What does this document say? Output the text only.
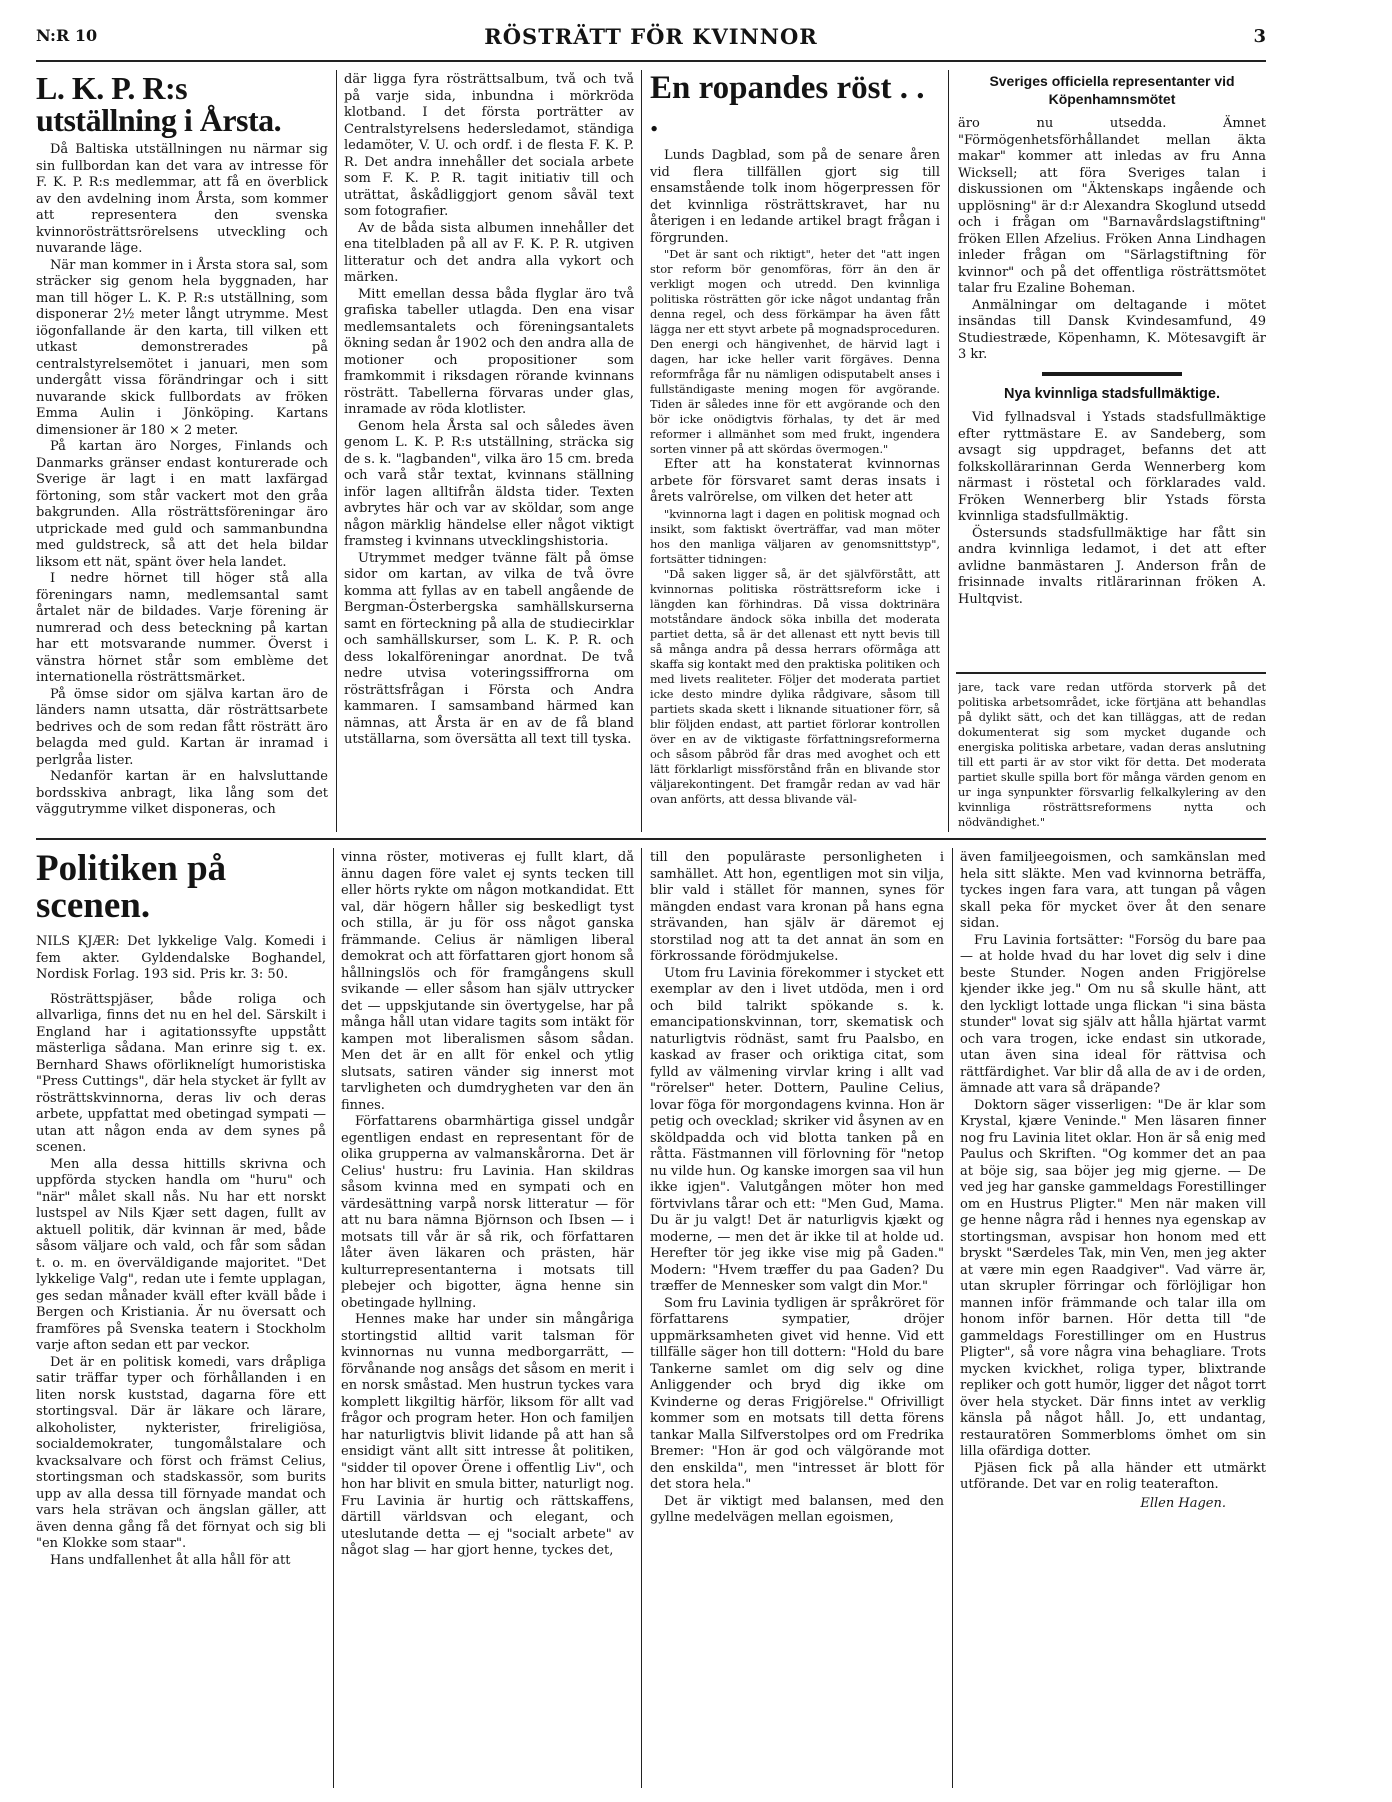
N:R 10	RÖSTRÄTT FÖR KVINNOR	3
L. K. P. R:s utställning i Årsta.

Då Baltiska utställningen nu närmar sig sin fullbordan kan det vara av intresse för F. K. P. R:s medlemmar, att få en överblick av den avdelning inom Årsta, som kommer att representera den svenska kvinnorösträttsrörelsens utveckling och nuvarande läge.

När man kommer in i Årsta stora sal, som sträcker sig genom hela byggnaden, har man till höger L. K. P. R:s utställning, som disponerar 2½ meter långt utrymme. Mest iögonfallande är den karta, till vilken ett utkast demonstrerades på centralstyrelsemötet i januari, men som undergått vissa förändringar och i sitt nuvarande skick fullbordats av fröken Emma Aulin i Jönköping. Kartans dimensioner är 180 × 2 meter.

På kartan äro Norges, Finlands och Danmarks gränser endast konturerade och Sverige är lagt i en matt laxfärgad förtoning, som står vackert mot den gråa bakgrunden. Alla rösträttsföreningar äro utprickade med guld och sammanbundna med guldstreck, så att det hela bildar liksom ett nät, spänt över hela landet.

I nedre hörnet till höger stå alla föreningars namn, medlemsantal samt årtalet när de bildades. Varje förening är numrerad och dess beteckning på kartan har ett motsvarande nummer. Överst i vänstra hörnet står som emblème det internationella rösträttsmärket.

På ömse sidor om själva kartan äro de länders namn utsatta, där rösträttsarbete bedrives och de som redan fått rösträtt äro belagda med guld. Kartan är inramad i perlgråa lister.

Nedanför kartan är en halvsluttande bordsskiva anbragt, lika lång som det väggutrymme vilket disponeras, och

där ligga fyra rösträttsalbum, två och två på varje sida, inbundna i mörkröda klotband. I det första porträtter av Centralstyrelsens hedersledamot, ständiga ledamöter, V. U. och ordf. i de flesta F. K. P. R. Det andra innehåller det sociala arbete som F. K. P. R. tagit initiativ till och uträttat, åskådliggjort genom såväl text som fotografier.

Av de båda sista albumen innehåller det ena titelbladen på all av F. K. P. R. utgiven litteratur och det andra alla vykort och märken.

Mitt emellan dessa båda flyglar äro två grafiska tabeller utlagda. Den ena visar medlemsantalets och föreningsantalets ökning sedan år 1902 och den andra alla de motioner och propositioner som framkommit i riksdagen rörande kvinnans rösträtt. Tabellerna förvaras under glas, inramade av röda klotlister.

Genom hela Årsta sal och således även genom L. K. P. R:s utställning, sträcka sig de s. k. "lagbanden", vilka äro 15 cm. breda och varå står textat, kvinnans ställning inför lagen alltifrån äldsta tider. Texten avbrytes här och var av sköldar, som ange någon märklig händelse eller något viktigt framsteg i kvinnans utvecklingshistoria.

Utrymmet medger tvänne fält på ömse sidor om kartan, av vilka de två övre komma att fyllas av en tabell angående de Bergman-Österbergska samhällskurserna samt en förteckning på alla de studiecirklar och samhällskurser, som L. K. P. R. och dess lokalföreningar anordnat. De två nedre utvisa voteringssiffrorna om rösträttsfrågan i Första och Andra kammaren. I samsamband härmed kan nämnas, att Årsta är en av de få bland utställarna, som översätta all text till tyska.

En ropandes röst . . .

Lunds Dagblad, som på de senare åren vid flera tillfällen gjort sig till ensamstående tolk inom högerpressen för det kvinnliga rösträttskravet, har nu återigen i en ledande artikel bragt frågan i förgrunden.

"Det är sant och riktigt", heter det "att ingen stor reform bör genomföras, förr än den är verkligt mogen och utredd. Den kvinnliga politiska rösträtten gör icke något undantag från denna regel, och dess förkämpar ha även fått lägga ner ett styvt arbete på mognadsproceduren. Den energi och hängivenhet, de härvid lagt i dagen, har icke heller varit förgäves. Denna reformfråga får nu nämligen odisputabelt anses i fullständigaste mening mogen för avgörande. Tiden är således inne för ett avgörande och den bör icke onödigtvis förhalas, ty det är med reformer i allmänhet som med frukt, ingendera sorten vinner på att skördas övermogen."

Efter att ha konstaterat kvinnornas arbete för försvaret samt deras insats i årets valrörelse, om vilken det heter att

"kvinnorna lagt i dagen en politisk mognad och insikt, som faktiskt överträffar, vad man möter hos den manliga väljaren av genomsnittstyp", fortsätter tidningen:

"Då saken ligger så, är det självförstått, att kvinnornas politiska rösträttsreform icke i längden kan förhindras. Då vissa doktrinära motståndare ändock söka inbilla det moderata partiet detta, så är det allenast ett nytt bevis till så många andra på dessa herrars oförmåga att skaffa sig kontakt med den praktiska politiken och med livets realiteter. Följer det moderata partiet icke desto mindre dylika rådgivare, såsom till partiets skada skett i liknande situationer förr, så blir följden endast, att partiet förlorar kontrollen över en av de viktigaste författningsreformerna och såsom påbröd får dras med avoghet och ett lätt förklarligt missförstånd från en blivande stor väljarekontingent. Det framgår redan av vad här ovan anförts, att dessa blivande väl-

Sveriges officiella representanter vid Köpenhamnsmötet

äro nu utsedda. Ämnet "Förmögenhetsförhållandet mellan äkta makar" kommer att inledas av fru Anna Wicksell; att föra Sveriges talan i diskussionen om "Äktenskaps ingående och upplösning" är d:r Alexandra Skoglund utsedd och i frågan om "Barnavårdslagstiftning" fröken Ellen Afzelius. Fröken Anna Lindhagen inleder frågan om "Särlagstiftning för kvinnor" och på det offentliga rösträttsmötet talar fru Ezaline Boheman.

Anmälningar om deltagande i mötet insändas till Dansk Kvindesamfund, 49 Studiestræde, Köpenhamn, K. Mötesavgift är 3 kr.

Nya kvinnliga stadsfullmäktige.

Vid fyllnadsval i Ystads stadsfullmäktige efter ryttmästare E. av Sandeberg, som avsagt sig uppdraget, befanns det att folkskollärarinnan Gerda Wennerberg kom närmast i röstetal och förklarades vald. Fröken Wennerberg blir Ystads första kvinnliga stadsfullmäktig.

Östersunds stadsfullmäktige har fått sin andra kvinnliga ledamot, i det att efter avlidne banmästaren J. Anderson från de frisinnade invalts ritlärarinnan fröken A. Hultqvist.

jare, tack vare redan utförda storverk på det politiska arbetsområdet, icke förtjäna att behandlas på dylikt sätt, och det kan tilläggas, att de redan dokumenterat sig som mycket dugande och energiska politiska arbetare, vadan deras anslutning till ett parti är av stor vikt för detta. Det moderata partiet skulle spilla bort för många värden genom en ur inga synpunkter försvarlig felkalkylering av den kvinnliga rösträttsreformens nytta och nödvändighet."

Politiken på scenen.

NILS KJÆR: Det lykkelige Valg. Komedi i fem akter. Gyldendalske Boghandel, Nordisk Forlag. 193 sid. Pris kr. 3: 50.

Rösträttspjäser, både roliga och allvarliga, finns det nu en hel del. Särskilt i England har i agitationssyfte uppstått mästerliga sådana. Man erinre sig t. ex. Bernhard Shaws oförliknelígt humoristiska "Press Cuttings", där hela stycket är fyllt av rösträttskvinnorna, deras liv och deras arbete, uppfattat med obetingad sympati — utan att någon enda av dem synes på scenen.

Men alla dessa hittills skrivna och uppförda stycken handla om "huru" och "när" målet skall nås. Nu har ett norskt lustspel av Nils Kjær sett dagen, fullt av aktuell politik, där kvinnan är med, både såsom väljare och vald, och får som sådan t. o. m. en överväldigande majoritet. "Det lykkelige Valg", redan ute i femte upplagan, ges sedan månader kväll efter kväll både i Bergen och Kristiania. Är nu översatt och framföres på Svenska teatern i Stockholm varje afton sedan ett par veckor.

Det är en politisk komedi, vars dråpliga satir träffar typer och förhållanden i en liten norsk kuststad, dagarna före ett stortingsval. Där är läkare och lärare, alkoholister, nykterister, frireligiösa, socialdemokrater, tungomålstalare och kvacksalvare och först och främst Celius, stortingsman och stadskassör, som burits upp av alla dessa till förnyade mandat och vars hela strävan och ängslan gäller, att även denna gång få det förnyat och sig bli "en Klokke som staar".

Hans undfallenhet åt alla håll för att

vinna röster, motiveras ej fullt klart, då ännu dagen före valet ej synts tecken till eller hörts rykte om någon motkandidat. Ett val, där högern håller sig beskedligt tyst och stilla, är ju för oss något ganska främmande. Celius är nämligen liberal demokrat och att författaren gjort honom så hållningslös och för framgångens skull svikande — eller såsom han själv uttrycker det — uppskjutande sin övertygelse, har på många håll utan vidare tagits som intäkt för kampen mot liberalismen såsom sådan. Men det är en allt för enkel och ytlig slutsats, satiren vänder sig innerst mot tarvligheten och dumdrygheten var den än finnes.

Författarens obarmhärtiga gissel undgår egentligen endast en representant för de olika grupperna av valmanskårorna. Det är Celius' hustru: fru Lavinia. Han skildras såsom kvinna med en sympati och en värdesättning varpå norsk litteratur — för att nu bara nämna Björnson och Ibsen — i motsats till vår är så rik, och författaren låter även läkaren och prästen, här kulturrepresentanterna i motsats till plebejer och bigotter, ägna henne sin obetingade hyllning.

Hennes make har under sin mångåriga stortingstid alltid varit talsman för kvinnornas nu vunna medborgarrätt, — förvånande nog ansågs det såsom en merit i en norsk småstad. Men hustrun tyckes vara komplett likgiltig härför, liksom för allt vad frågor och program heter. Hon och familjen har naturligtvis blivit lidande på att han så ensidigt vänt allt sitt intresse åt politiken, "sidder til opover Örene i offentlig Liv", och hon har blivit en smula bitter, naturligt nog. Fru Lavinia är hurtig och rättskaffens, därtill världsvan och elegant, och uteslutande detta — ej "socialt arbete" av något slag — har gjort henne, tyckes det,

till den populäraste personligheten i samhället. Att hon, egentligen mot sin vilja, blir vald i stället för mannen, synes för mängden endast vara kronan på hans egna strävanden, han själv är däremot ej storstilad nog att ta det annat än som en förkrossande förödmjukelse.

Utom fru Lavinia förekommer i stycket ett exemplar av den i livet utdöda, men i ord och bild talrikt spökande s. k. emancipationskvinnan, torr, skematisk och naturligtvis rödnäst, samt fru Paalsbo, en kaskad av fraser och oriktiga citat, som fylld av välmening virvlar kring i allt vad "rörelser" heter. Dottern, Pauline Celius, lovar föga för morgondagens kvinna. Hon är petig och ovecklad; skriker vid åsynen av en sköldpadda och vid blotta tanken på en råtta. Fästmannen vill förlovning för "netop nu vilde hun. Og kanske imorgen saa vil hun ikke igjen". Valutgången möter hon med förtvivlans tårar och ett: "Men Gud, Mama. Du är ju valgt! Det är naturligvis kjækt og moderne, — men det är ikke til at holde ud. Herefter tör jeg ikke vise mig på Gaden." Modern: "Hvem træffer du paa Gaden? Du træffer de Mennesker som valgt din Mor."

Som fru Lavinia tydligen är språkröret för författarens sympatier, dröjer uppmärksamheten givet vid henne. Vid ett tillfälle säger hon till dottern: "Hold du bare Tankerne samlet om dig selv og dine Anliggender och bryd dig ikke om Kvinderne og deras Frigjörelse." Ofrivilligt kommer som en motsats till detta förens tankar Malla Silfverstolpes ord om Fredrika Bremer: "Hon är god och välgörande mot den enskilda", men "intresset är blott för det stora hela."

Det är viktigt med balansen, med den gyllne medelvägen mellan egoismen,

även familjeegoismen, och samkänslan med hela sitt släkte. Men vad kvinnorna beträffa, tyckes ingen fara vara, att tungan på vågen skall peka för mycket över åt den senare sidan.

Fru Lavinia fortsätter: "Forsög du bare paa — at holde hvad du har lovet dig selv i dine beste Stunder. Nogen anden Frigjörelse kjender ikke jeg." Om nu så skulle hänt, att den lyckligt lottade unga flickan "i sina bästa stunder" lovat sig själv att hålla hjärtat varmt och vara trogen, icke endast sin utkorade, utan även sina ideal för rättvisa och rättfärdighet. Var blir då alla de av i de orden, ämnade att vara så dräpande?

Doktorn säger visserligen: "De är klar som Krystal, kjære Veninde." Men läsaren finner nog fru Lavinia litet oklar. Hon är så enig med Paulus och Skriften. "Og kommer det an paa at böje sig, saa böjer jeg mig gjerne. — De ved jeg har ganske gammeldags Forestillinger om en Hustrus Pligter." Men när maken vill ge henne några råd i hennes nya egenskap av stortingsman, avspisar hon honom med ett bryskt "Særdeles Tak, min Ven, men jeg akter at være min egen Raadgiver". Vad värre är, utan skrupler förringar och förlöjligar hon mannen inför främmande och talar illa om honom inför barnen. Hör detta till "de gammeldags Forestillinger om en Hustrus Pligter", så vore några vina behagliare. Trots mycken kvickhet, roliga typer, blixtrande repliker och gott humör, ligger det något torrt över hela stycket. Där finns intet av verklig känsla på något håll. Jo, ett undantag, restauratören Sommerbloms ömhet om sin lilla ofärdiga dotter.

Pjäsen fick på alla händer ett utmärkt utförande. Det var en rolig teaterafton.

Ellen Hagen.
